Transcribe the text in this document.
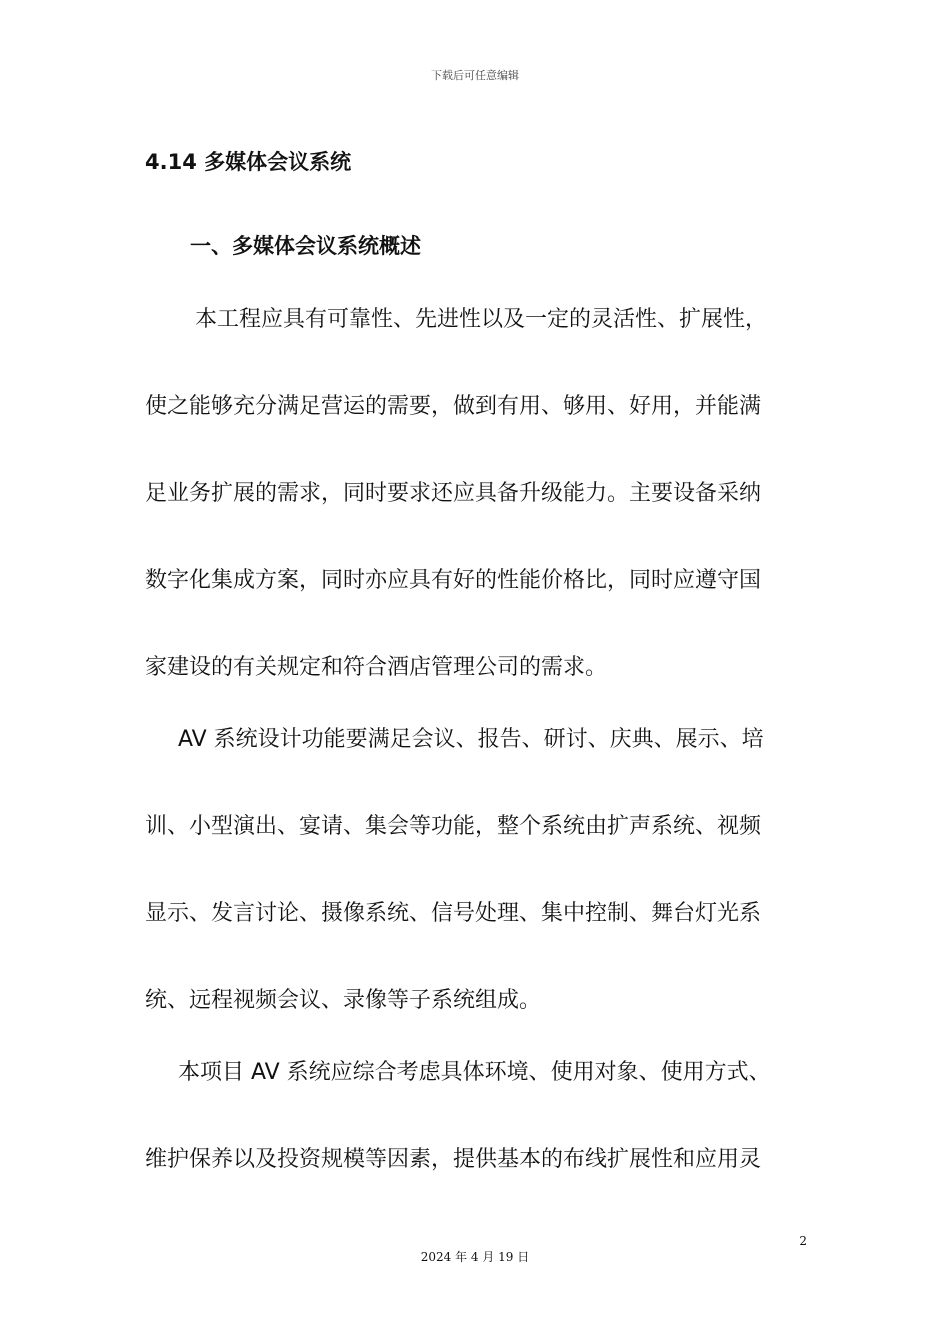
下载后可任意编辑
4.14 多媒体会议系统
一、多媒体会议系统概述
本工程应具有可靠性、先进性以及一定的灵活性、扩展性，
使之能够充分满足营运的需要，做到有用、够用、好用，并能满
足业务扩展的需求，同时要求还应具备升级能力。主要设备采纳
数字化集成方案，同时亦应具有好的性能价格比，同时应遵守国
家建设的有关规定和符合酒店管理公司的需求。
AV 系统设计功能要满足会议、报告、研讨、庆典、展示、培
训、小型演出、宴请、集会等功能，整个系统由扩声系统、视频
显示、发言讨论、摄像系统、信号处理、集中控制、舞台灯光系
统、远程视频会议、录像等子系统组成。
本项目 AV 系统应综合考虑具体环境、使用对象、使用方式、
维护保养以及投资规模等因素，提供基本的布线扩展性和应用灵
2
2024 年 4 月 19 日
